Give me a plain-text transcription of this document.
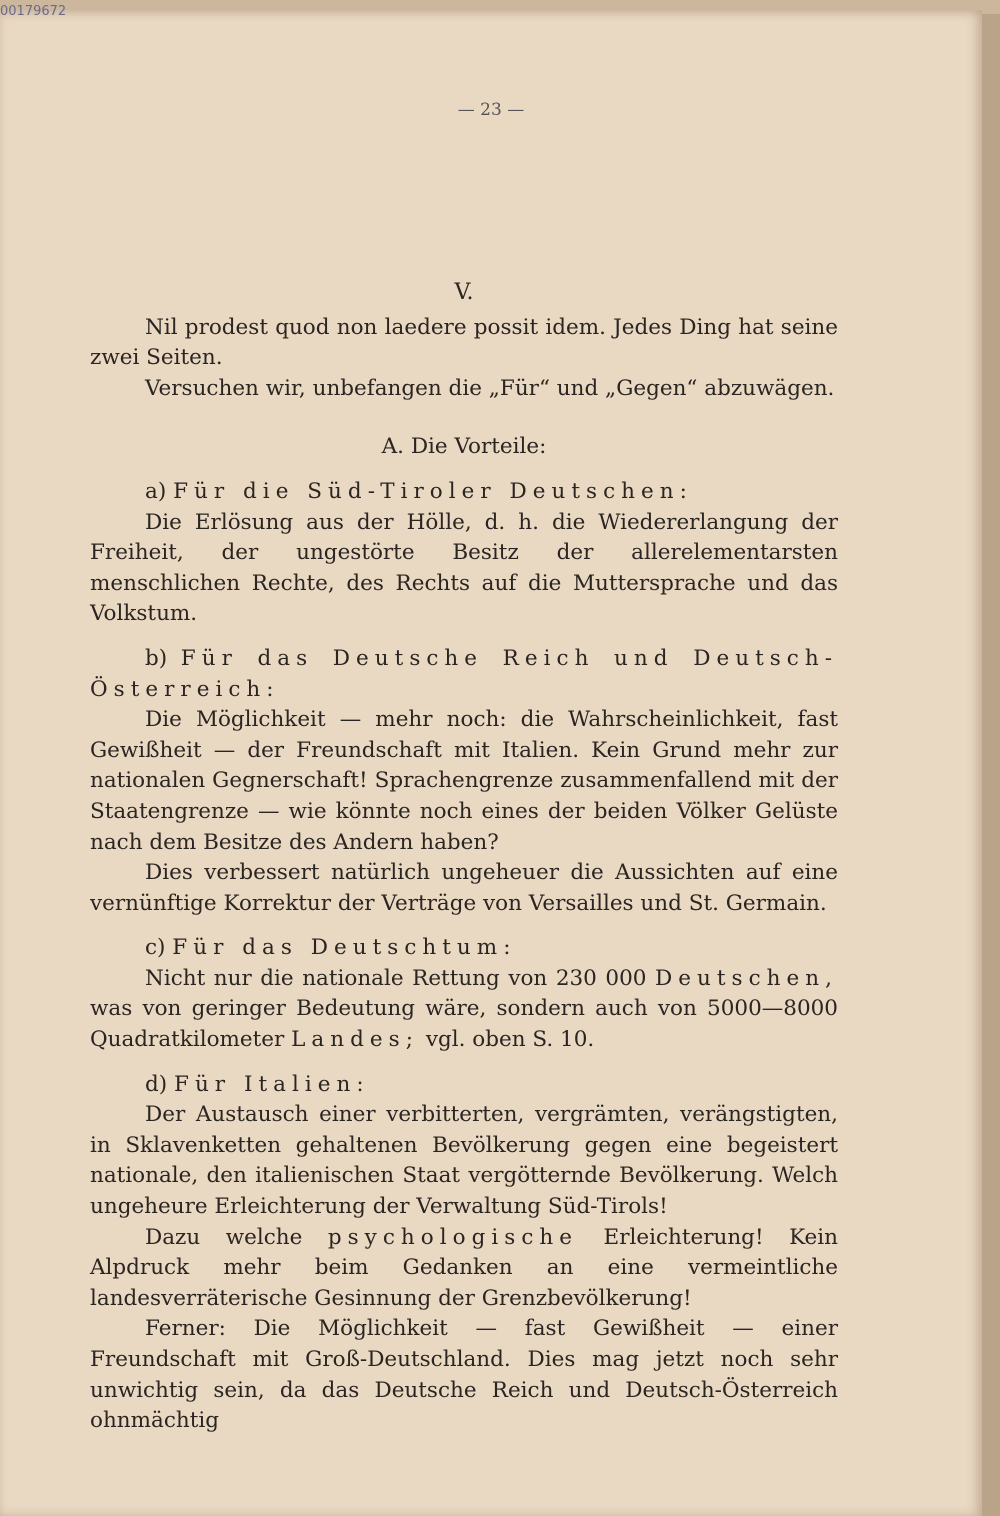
00179672
— 23 —

V.

Nil prodest quod non laedere possit idem. Jedes Ding hat seine zwei Seiten.

Versuchen wir, unbefangen die „Für“ und „Gegen“ abzuwägen.

A. Die Vorteile:

a) Für die Süd-Tiroler Deutschen:

Die Erlösung aus der Hölle, d. h. die Wiedererlangung der Freiheit, der ungestörte Besitz der allerelementarsten menschlichen Rechte, des Rechts auf die Muttersprache und das Volkstum.

b) Für das Deutsche Reich und Deutsch-Österreich:

Die Möglichkeit — mehr noch: die Wahrscheinlichkeit, fast Gewißheit — der Freundschaft mit Italien. Kein Grund mehr zur nationalen Gegnerschaft! Sprachengrenze zusammenfallend mit der Staatengrenze — wie könnte noch eines der beiden Völker Gelüste nach dem Besitze des Andern haben?

Dies verbessert natürlich ungeheuer die Aussichten auf eine vernünftige Korrektur der Verträge von Versailles und St. Germain.

c) Für das Deutschtum:

Nicht nur die nationale Rettung von 230 000 Deutschen, was von geringer Bedeutung wäre, sondern auch von 5000—8000 Quadratkilometer Landes; vgl. oben S. 10.

d) Für Italien:

Der Austausch einer verbitterten, vergrämten, verängstigten, in Sklavenketten gehaltenen Bevölkerung gegen eine begeistert nationale, den italienischen Staat vergötternde Bevölkerung. Welch ungeheure Erleichterung der Verwaltung Süd-Tirols!

Dazu welche psychologische Erleichterung! Kein Alpdruck mehr beim Gedanken an eine vermeintliche landesverräterische Gesinnung der Grenzbevölkerung!

Ferner: Die Möglichkeit — fast Gewißheit — einer Freundschaft mit Groß-Deutschland. Dies mag jetzt noch sehr unwichtig sein, da das Deutsche Reich und Deutsch-Österreich ohnmächtig
